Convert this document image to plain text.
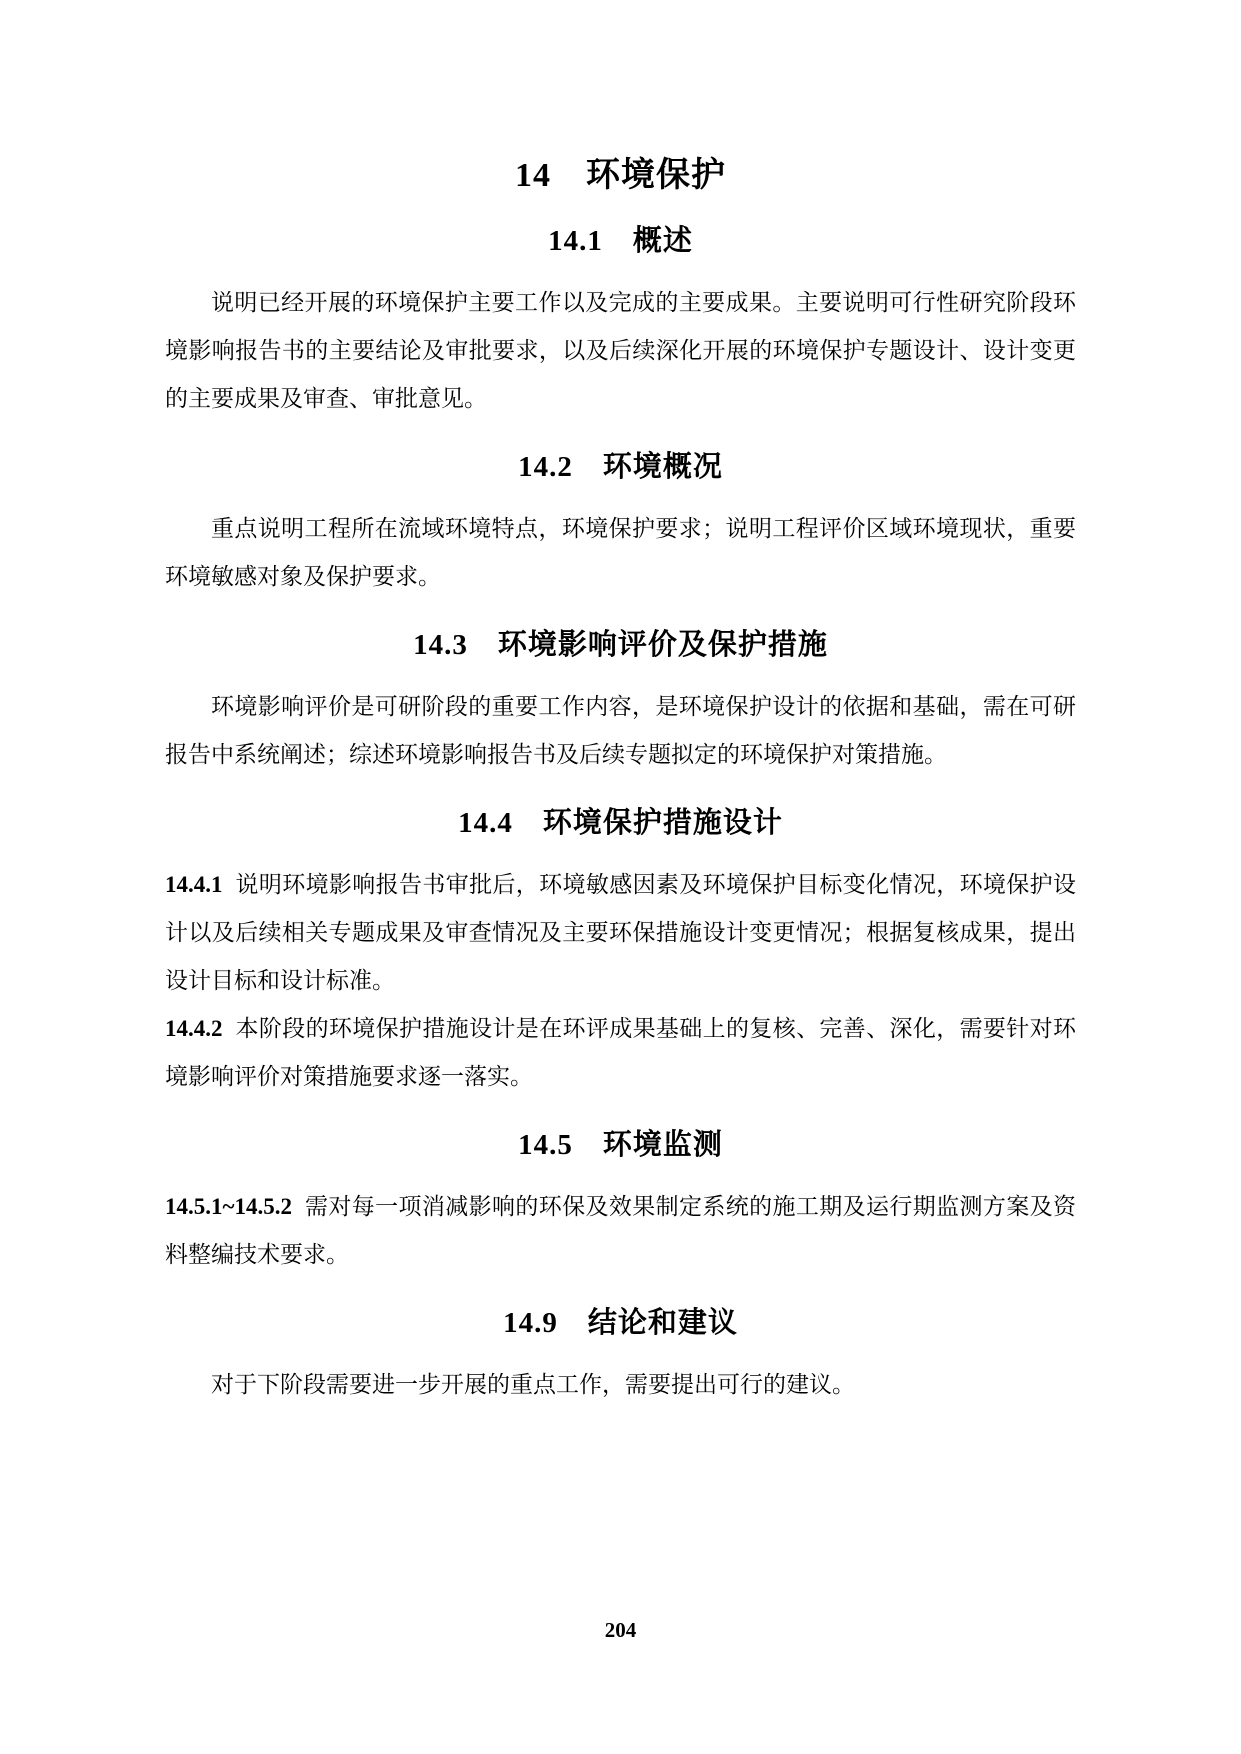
14　环境保护
14.1　概述

说明已经开展的环境保护主要工作以及完成的主要成果。主要说明可行性研究阶段环境影响报告书的主要结论及审批要求，以及后续深化开展的环境保护专题设计、设计变更的主要成果及审查、审批意见。

14.2　环境概况

重点说明工程所在流域环境特点，环境保护要求；说明工程评价区域环境现状，重要环境敏感对象及保护要求。

14.3　环境影响评价及保护措施

环境影响评价是可研阶段的重要工作内容，是环境保护设计的依据和基础，需在可研报告中系统阐述；综述环境影响报告书及后续专题拟定的环境保护对策措施。

14.4　环境保护措施设计

14.4.1 说明环境影响报告书审批后，环境敏感因素及环境保护目标变化情况，环境保护设计以及后续相关专题成果及审查情况及主要环保措施设计变更情况；根据复核成果，提出设计目标和设计标准。

14.4.2 本阶段的环境保护措施设计是在环评成果基础上的复核、完善、深化，需要针对环境影响评价对策措施要求逐一落实。

14.5　环境监测

14.5.1~14.5.2 需对每一项消减影响的环保及效果制定系统的施工期及运行期监测方案及资料整编技术要求。

14.9　结论和建议

对于下阶段需要进一步开展的重点工作，需要提出可行的建议。

204
